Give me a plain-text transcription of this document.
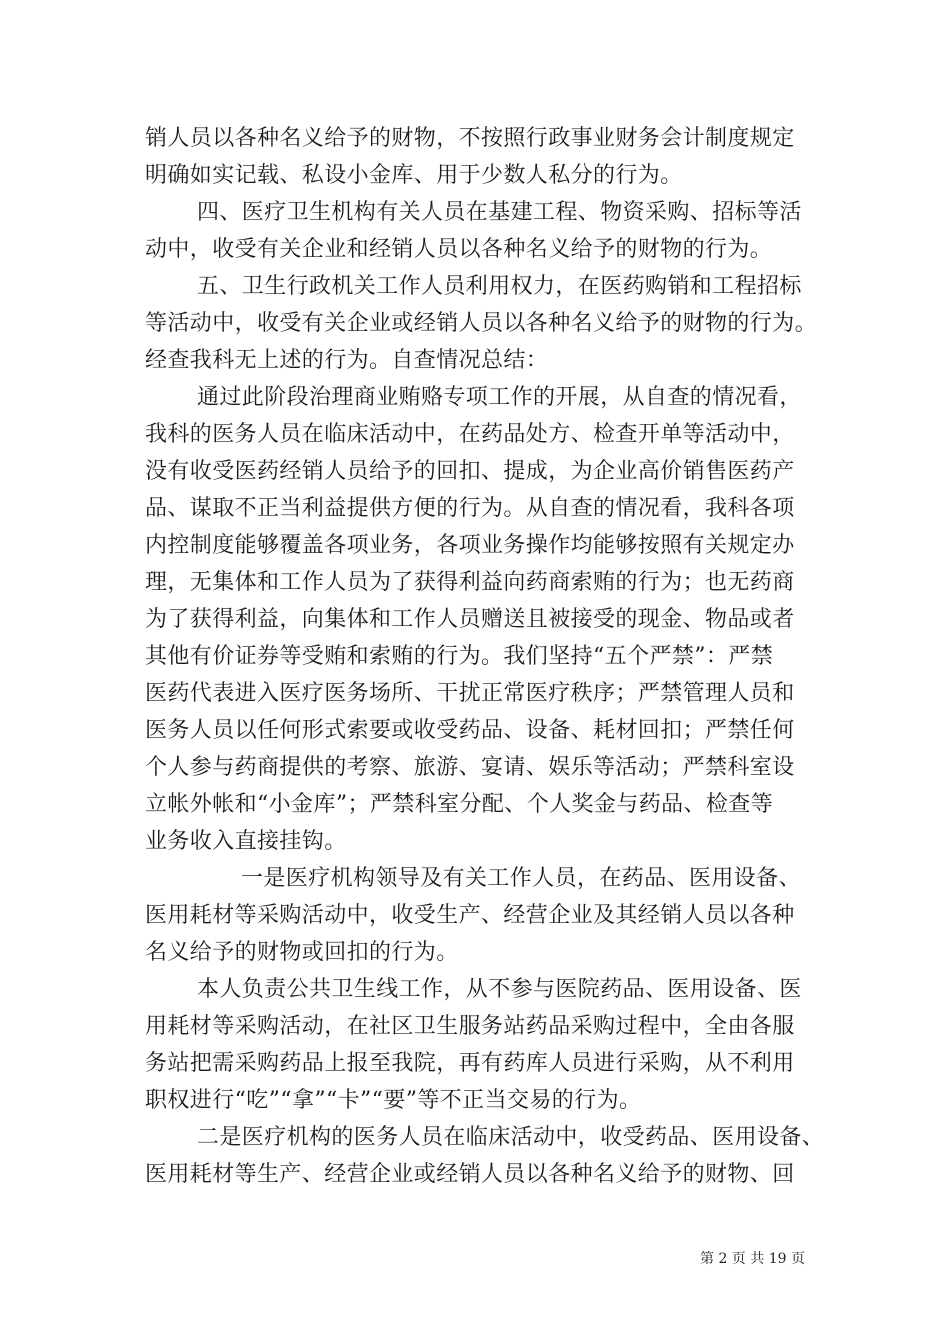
销人员以各种名义给予的财物，不按照行政事业财务会计制度规定
明确如实记载、私设小金库、用于少数人私分的行为。
四、医疗卫生机构有关人员在基建工程、物资采购、招标等活
动中，收受有关企业和经销人员以各种名义给予的财物的行为。
五、卫生行政机关工作人员利用权力，在医药购销和工程招标
等活动中，收受有关企业或经销人员以各种名义给予的财物的行为。
经查我科无上述的行为。自查情况总结：
通过此阶段治理商业贿赂专项工作的开展，从自查的情况看，
我科的医务人员在临床活动中，在药品处方、检查开单等活动中，
没有收受医药经销人员给予的回扣、提成，为企业高价销售医药产
品、谋取不正当利益提供方便的行为。从自查的情况看，我科各项
内控制度能够覆盖各项业务，各项业务操作均能够按照有关规定办
理，无集体和工作人员为了获得利益向药商索贿的行为；也无药商
为了获得利益，向集体和工作人员赠送且被接受的现金、物品或者
其他有价证券等受贿和索贿的行为。我们坚持“五个严禁”：严禁
医药代表进入医疗医务场所、干扰正常医疗秩序；严禁管理人员和
医务人员以任何形式索要或收受药品、设备、耗材回扣；严禁任何
个人参与药商提供的考察、旅游、宴请、娱乐等活动；严禁科室设
立帐外帐和“小金库”；严禁科室分配、个人奖金与药品、检查等
业务收入直接挂钩。
一是医疗机构领导及有关工作人员，在药品、医用设备、
医用耗材等采购活动中，收受生产、经营企业及其经销人员以各种
名义给予的财物或回扣的行为。
本人负责公共卫生线工作，从不参与医院药品、医用设备、医
用耗材等采购活动，在社区卫生服务站药品采购过程中，全由各服
务站把需采购药品上报至我院，再有药库人员进行采购，从不利用
职权进行“吃”“拿”“卡”“要”等不正当交易的行为。
二是医疗机构的医务人员在临床活动中，收受药品、医用设备、
医用耗材等生产、经营企业或经销人员以各种名义给予的财物、回
第 2 页 共 19 页
